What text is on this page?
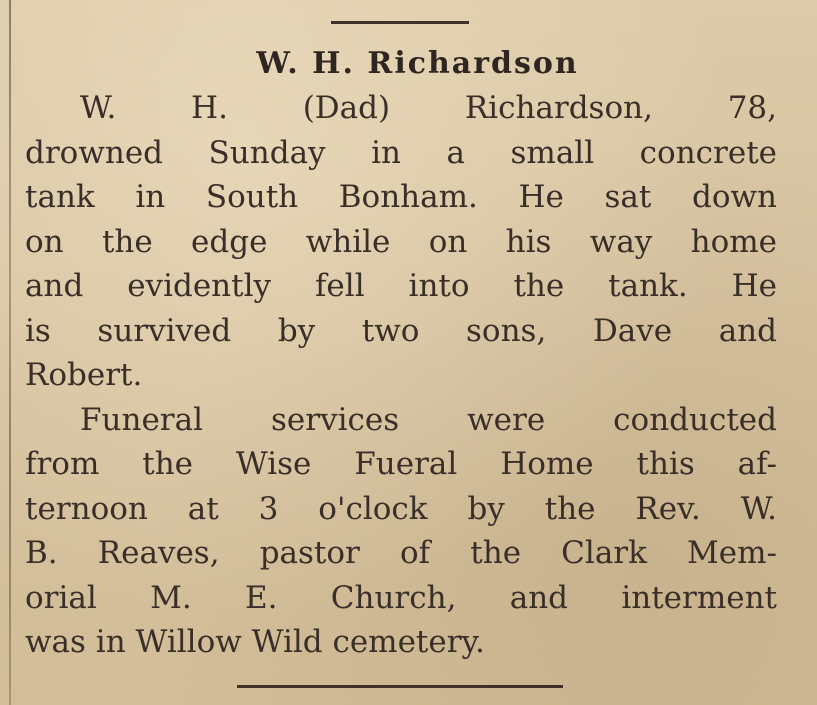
W. H. Richardson
W. H. (Dad) Richardson, 78,
drowned Sunday in a small concrete
tank in South Bonham. He sat down
on the edge while on his way home
and evidently fell into the tank. He
is survived by two sons, Dave and
Robert.
Funeral services were conducted
from the Wise Fueral Home this af-
ternoon at 3 o'clock by the Rev. W.
B. Reaves, pastor of the Clark Mem-
orial M. E. Church, and interment
was in Willow Wild cemetery.
